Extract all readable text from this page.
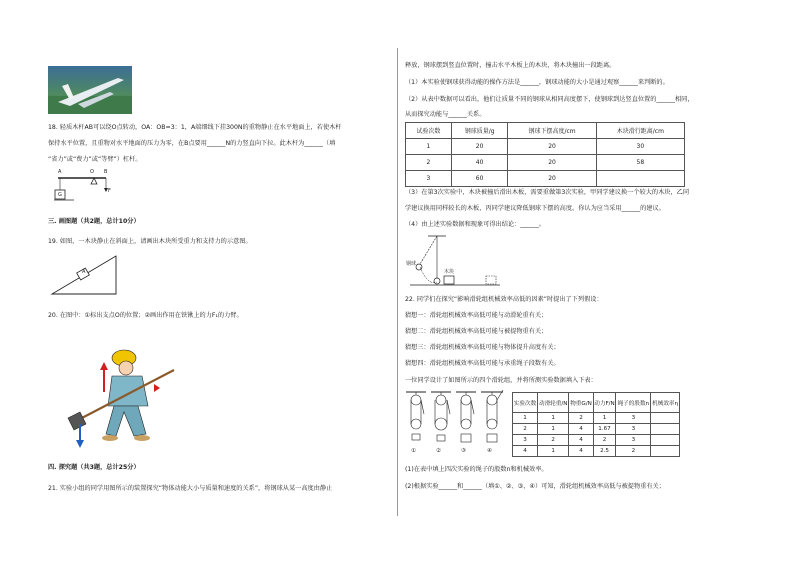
18. 轻质木杆AB可以绕O点转动，OA：OB=3：1，A端细线下挂300N的重物静止在水平地面上，若使木杆
保持水平位置，且重物对水平地面的压力为零，在B点要用______N的力竖直向下拉。此木杆为______（填
“省力”或“费力”或“等臂”）杠杆。
A	O B
G
F
三. 画图题（共2题，总计10分）
19. 如图，一木块静止在斜面上，请画出木块所受重力和支持力的示意图。
A
20. 在图中：①标出支点O的位置；②画出作用在铁锹上的力F₁的力臂。
四. 探究题（共3题，总计25分）
21. 实验小组的同学用图所示的装置探究“物体动能大小与质量和速度的关系”，将钢球从某一高度由静止
释放，钢球摆到竖直位置时，撞击水平木板上的木块，将木块撞出一段距离。
（1）本实验使钢球获得动能的操作方法是______，钢球动能的大小是通过观察______来判断的。
（2）从表中数据可以看出，他们让质量不同的钢球从相同高度摆下，使钢球到达竖直位置的______相同，
从而探究动能与______关系。
试验次数	钢球质量/g	钢球下摆高度/cm	木块滑行距离/cm
1	20	20	30
2	40	20	58
3	60	20	
（3）在第3次实验中，木块被撞后滑出木板，需要重做第3次实验，甲同学建议换一个较大的木块，乙同
学建议换用同样较长的木板，丙同学建议降低钢球下摆的高度。你认为应当采用______的建议。
（4）由上述实验数据和现象可得出结论：______。
钢球
木块
22. 同学们在探究“影响滑轮组机械效率高低的因素”时提出了下列假设：
猜想一：滑轮组机械效率高低可能与动滑轮重有关；
猜想二：滑轮组机械效率高低可能与被提物重有关；
猜想三：滑轮组机械效率高低可能与物体提升高度有关；
猜想四：滑轮组机械效率高低可能与承重绳子段数有关。
一位同学设计了如图所示的四个滑轮组，并将所测实验数据填入下表：
①	②	③	④
实验次数	动滑轮重/N	物重G/N	动力F/N	绳子的股数n	机械效率η
1	1	2	1	3	
2	1	4	1.67	3	
3	2	4	2	3	
4	1	4	2.5	2	
(1)在表中填上四次实验的绳子的股数n和机械效率。
(2)根据实验______和______（填①、②、③、④）可知，滑轮组机械效率高低与被提物重有关；
